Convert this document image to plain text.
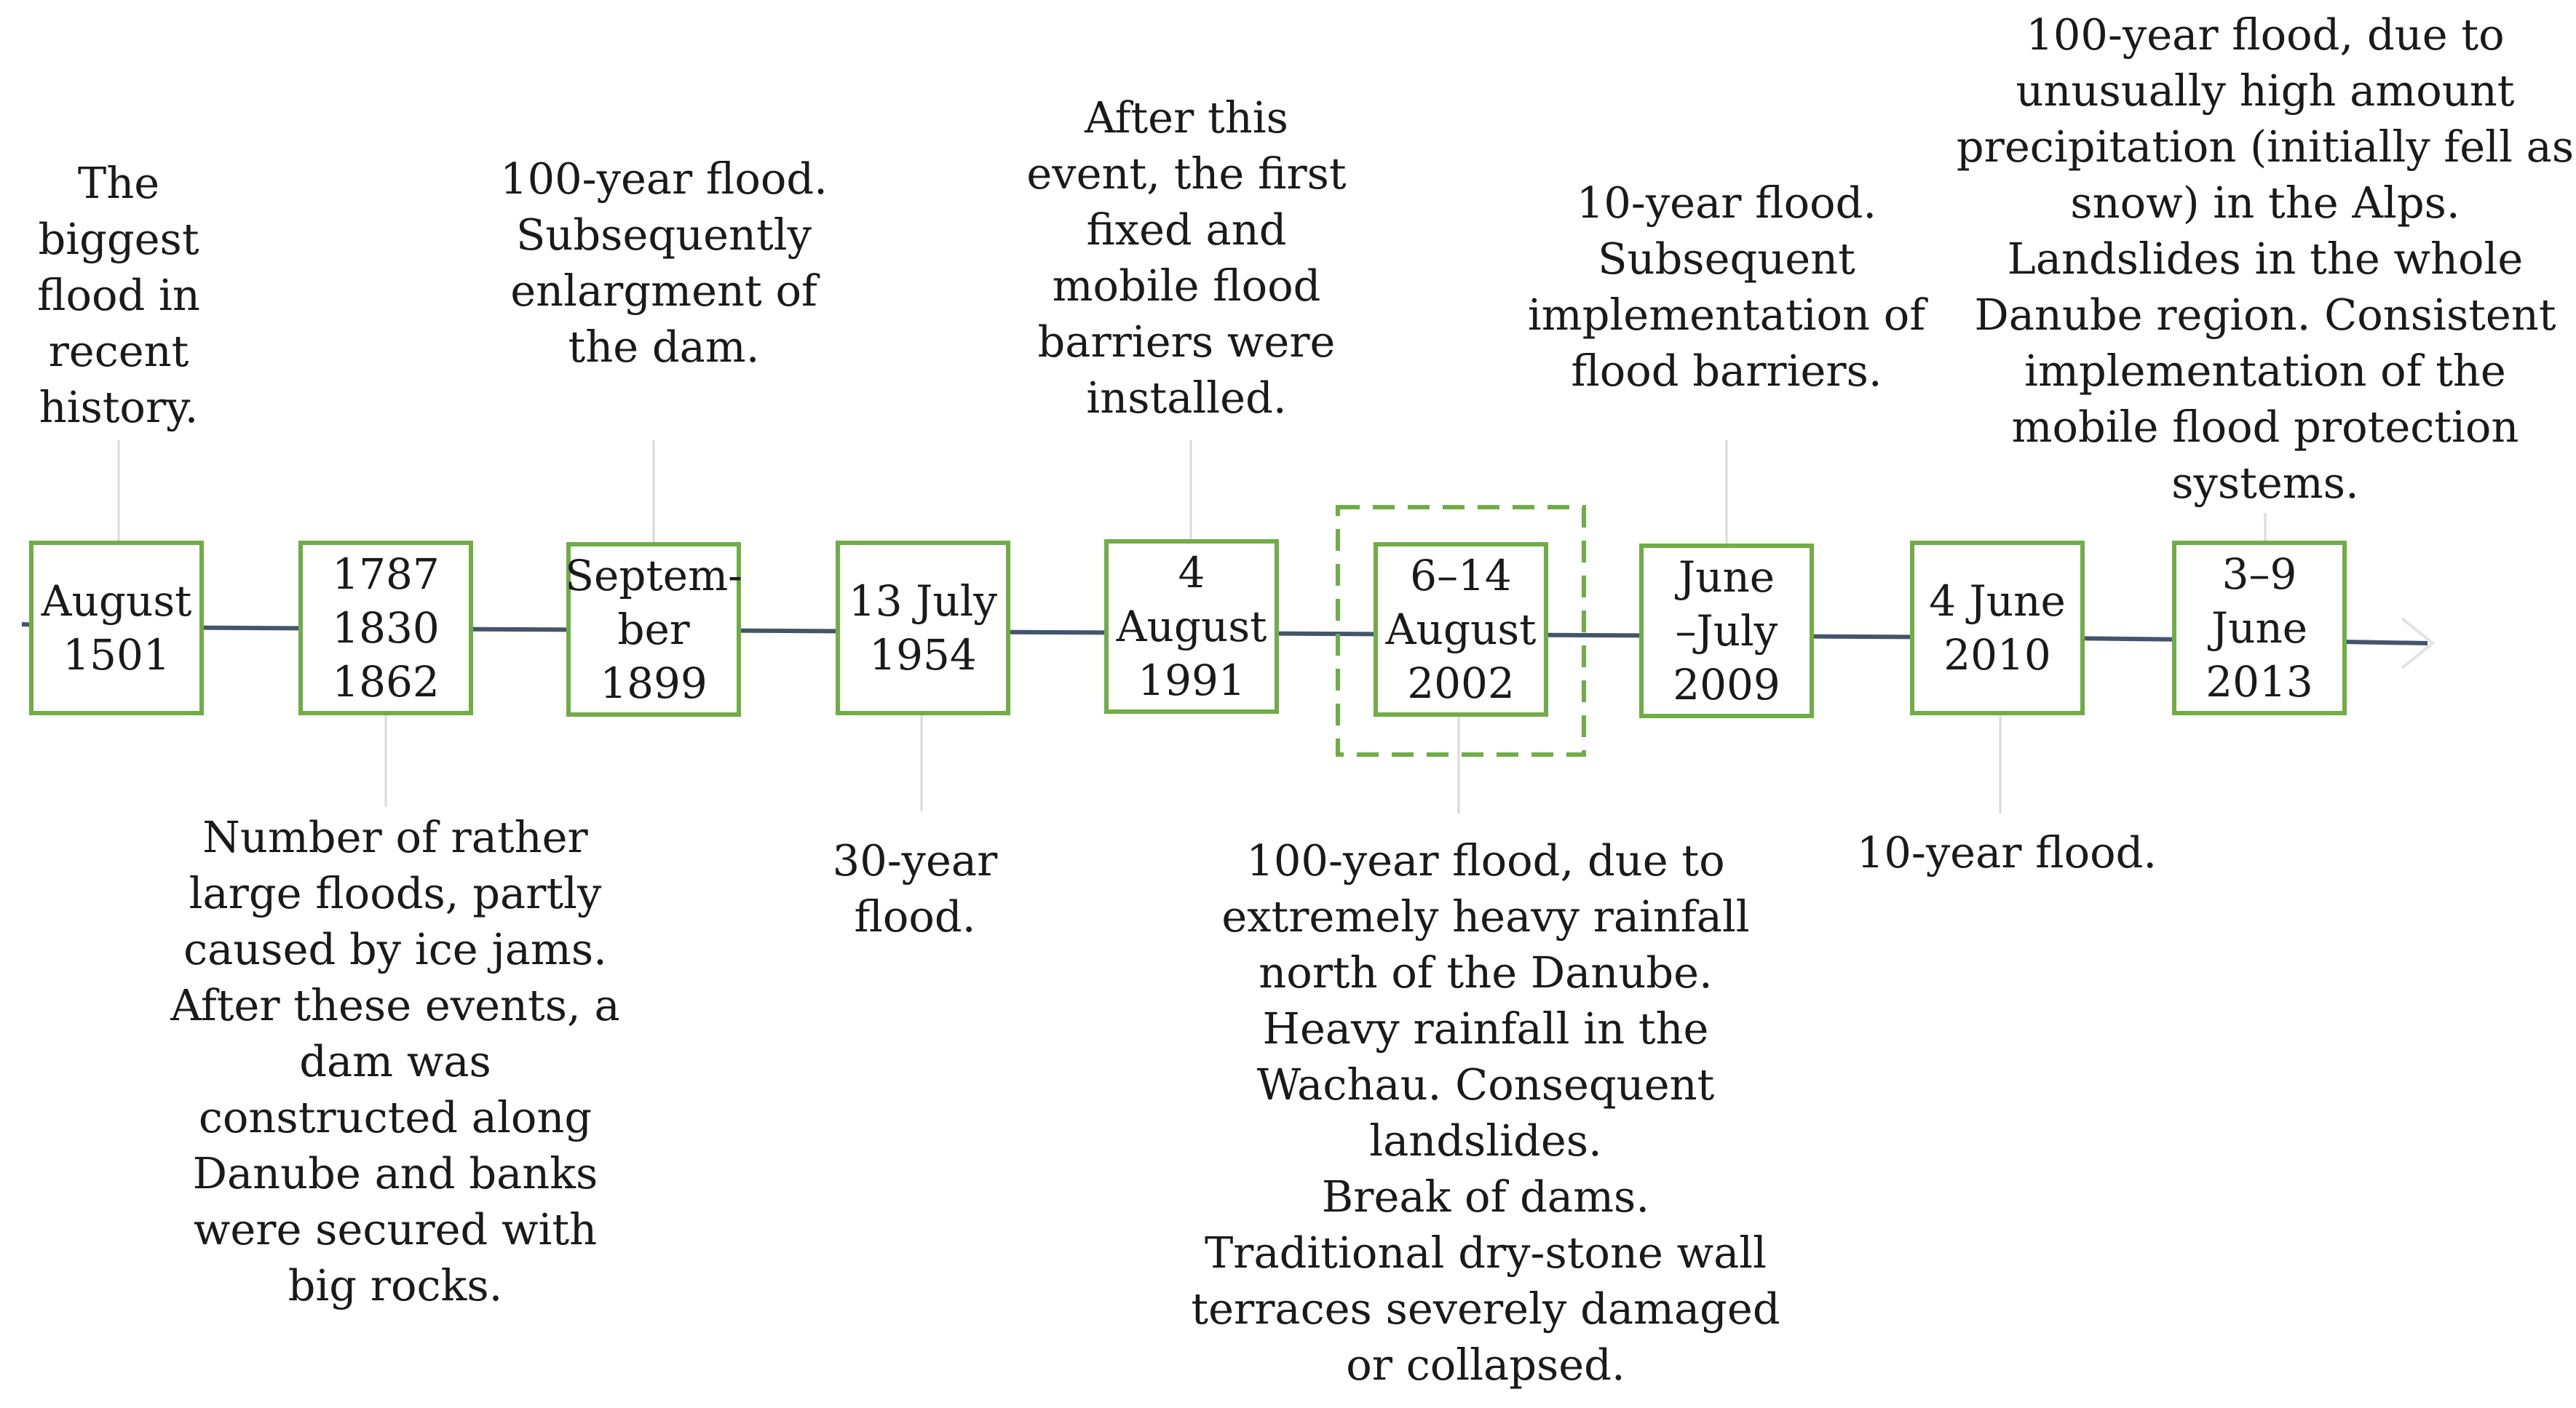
August
1501
The
biggest
flood in
recent
history.
1787
1830
1862
Number of rather
large floods, partly
caused by ice jams.
After these events, a
dam was
constructed along
Danube and banks
were secured with
big rocks.
Septem-
ber 1899
100-year flood.
Subsequently
enlargment of
the dam.
13 July
1954
30-year
flood.
4
August
1991
After this
event, the first
fixed and
mobile flood
barriers were
installed.
6–14
August
2002
100-year flood, due to
extremely heavy rainfall
north of the Danube.
Heavy rainfall in the
Wachau. Consequent
landslides.
Break of dams.
Traditional dry-stone wall
terraces severely damaged
or collapsed.
June
–July
2009
10-year flood.
Subsequent
implementation of
flood barriers.
4 June
2010
10-year flood.
3–9
June
2013
100-year flood, due to
unusually high amount
precipitation (initially fell as
snow) in the Alps.
Landslides in the whole
Danube region. Consistent
implementation of the
mobile flood protection
systems.
